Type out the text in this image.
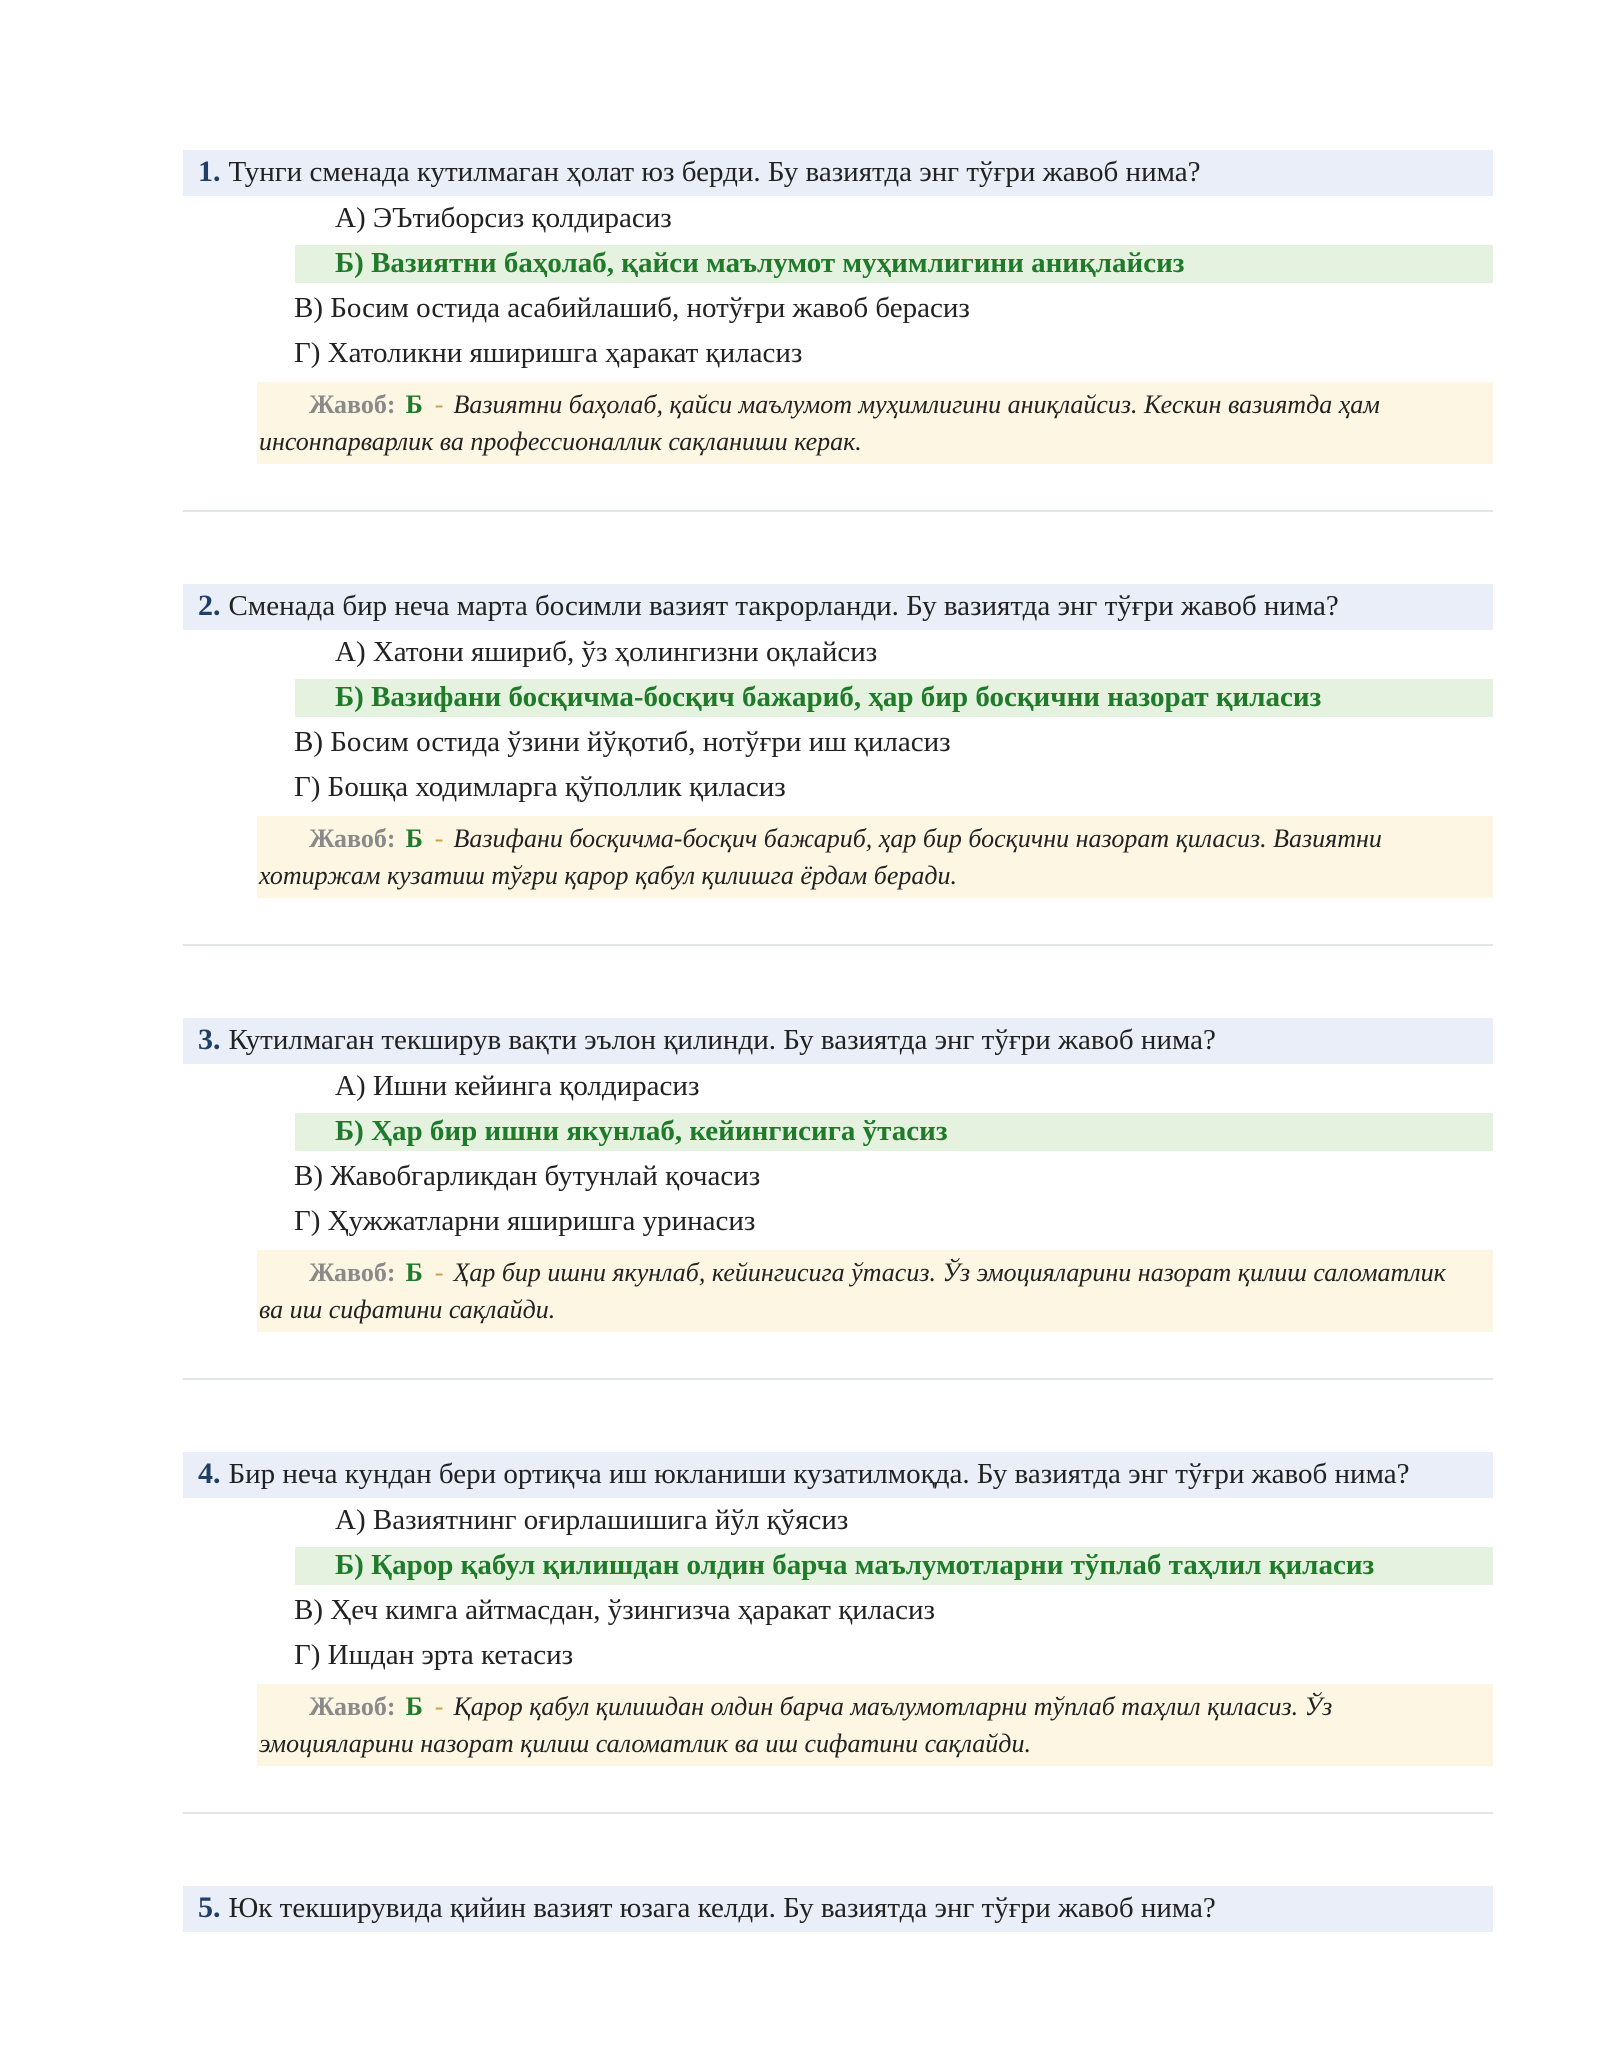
1. Тунги сменада кутилмаган ҳолат юз берди. Бу вазиятда энг тўғри жавоб нима?
А) ЭЪтиборсиз қолдирасиз
Б) Вазиятни баҳолаб, қайси маълумот муҳимлигини аниқлайсиз
В) Босим остида асабийлашиб, нотўғри жавоб берасиз
Г) Хатоликни яширишга ҳаракат қиласиз
Жавоб: Б - Вазиятни баҳолаб, қайси маълумот муҳимлигини аниқлайсиз. Кескин вазиятда ҳам инсонпарварлик ва профессионаллик сақланиши керак.
2. Сменада бир неча марта босимли вазият такрорланди. Бу вазиятда энг тўғри жавоб нима?
А) Хатони яшириб, ўз ҳолингизни оқлайсиз
Б) Вазифани босқичма-босқич бажариб, ҳар бир босқични назорат қиласиз
В) Босим остида ўзини йўқотиб, нотўғри иш қиласиз
Г) Бошқа ходимларга қўполлик қиласиз
Жавоб: Б - Вазифани босқичма-босқич бажариб, ҳар бир босқични назорат қиласиз. Вазиятни хотиржам кузатиш тўғри қарор қабул қилишга ёрдам беради.
3. Кутилмаган текширув вақти эълон қилинди. Бу вазиятда энг тўғри жавоб нима?
А) Ишни кейинга қолдирасиз
Б) Ҳар бир ишни якунлаб, кейингисига ўтасиз
В) Жавобгарликдан бутунлай қочасиз
Г) Ҳужжатларни яширишга уринасиз
Жавоб: Б - Ҳар бир ишни якунлаб, кейингисига ўтасиз. Ўз эмоцияларини назорат қилиш саломатлик ва иш сифатини сақлайди.
4. Бир неча кундан бери ортиқча иш юкланиши кузатилмоқда. Бу вазиятда энг тўғри жавоб нима?
А) Вазиятнинг оғирлашишига йўл қўясиз
Б) Қарор қабул қилишдан олдин барча маълумотларни тўплаб таҳлил қиласиз
В) Ҳеч кимга айтмасдан, ўзингизча ҳаракат қиласиз
Г) Ишдан эрта кетасиз
Жавоб: Б - Қарор қабул қилишдан олдин барча маълумотларни тўплаб таҳлил қиласиз. Ўз эмоцияларини назорат қилиш саломатлик ва иш сифатини сақлайди.
5. Юк текширувида қийин вазият юзага келди. Бу вазиятда энг тўғри жавоб нима?
